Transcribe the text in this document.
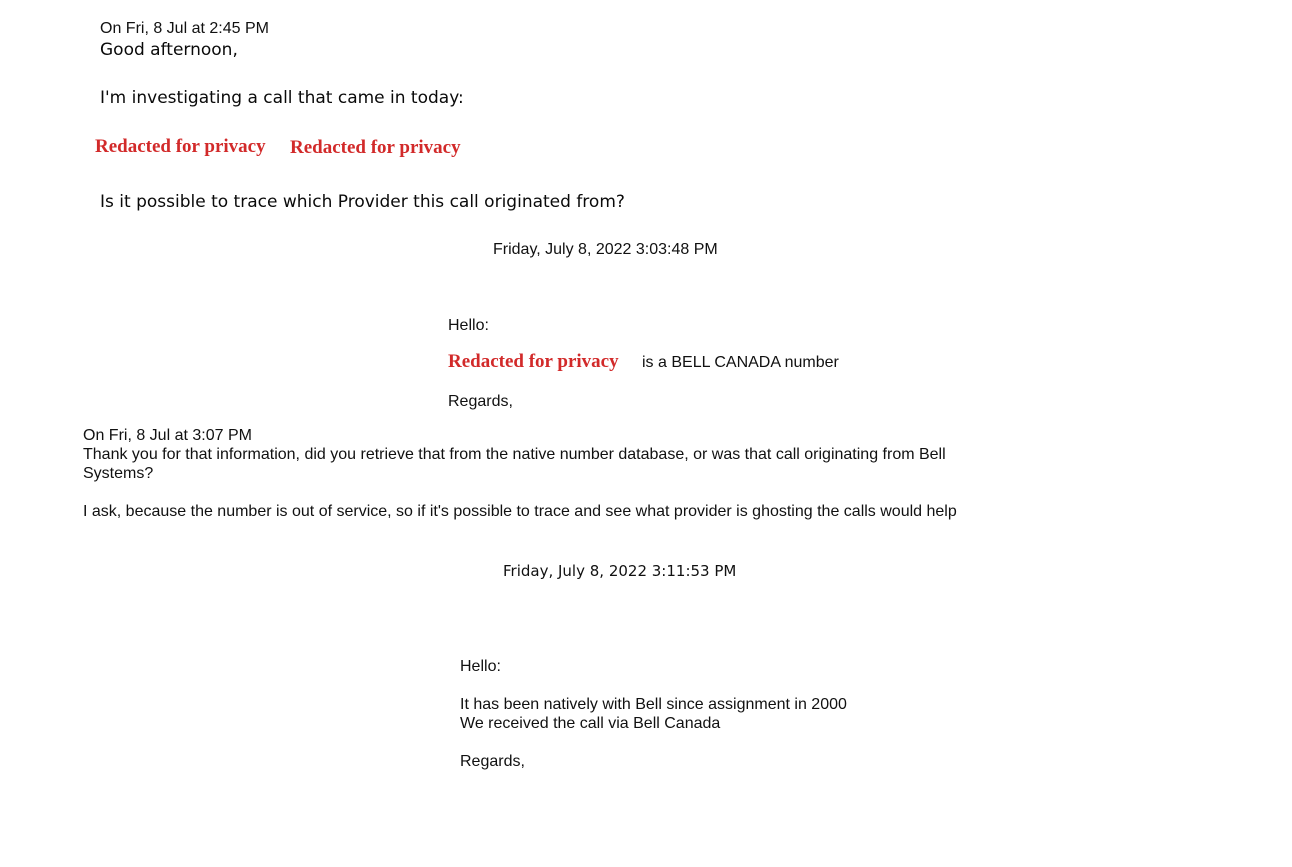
On Fri, 8 Jul at 2:45 PM
Good afternoon,
I'm investigating a call that came in today:
Redacted for privacy Redacted for privacy
Is it possible to trace which Provider this call originated from?
Friday, July 8, 2022 3:03:48 PM
Hello:
Redacted for privacy is a BELL CANADA number
Regards,
On Fri, 8 Jul at 3:07 PM
Thank you for that information, did you retrieve that from the native number database, or was that call originating from Bell
Systems?
I ask, because the number is out of service, so if it's possible to trace and see what provider is ghosting the calls would help
Friday, July 8, 2022 3:11:53 PM
Hello:
It has been natively with Bell since assignment in 2000
We received the call via Bell Canada
Regards,
